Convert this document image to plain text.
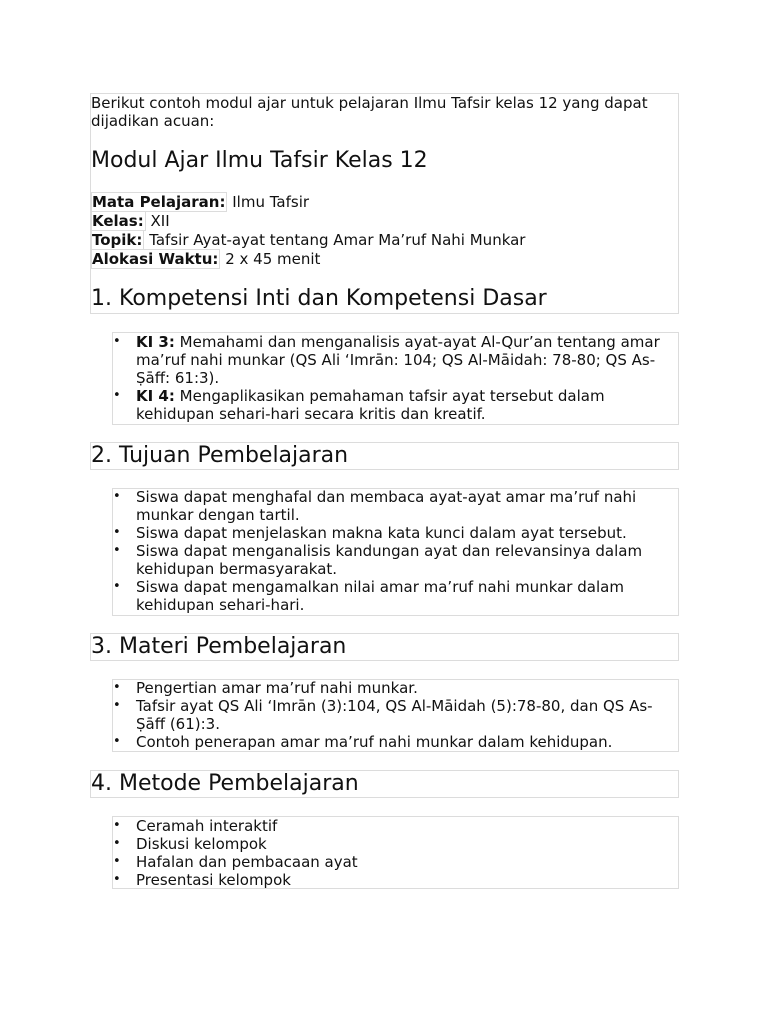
Berikut contoh modul ajar untuk pelajaran Ilmu Tafsir kelas 12 yang dapat
dijadikan acuan:
Modul Ajar Ilmu Tafsir Kelas 12
Mata Pelajaran: Ilmu Tafsir
Kelas: XII
Topik: Tafsir Ayat-ayat tentang Amar Ma’ruf Nahi Munkar
Alokasi Waktu: 2 x 45 menit
1. Kompetensi Inti dan Kompetensi Dasar
• KI 3: Memahami dan menganalisis ayat-ayat Al-Qur’an tentang amar
ma’ruf nahi munkar (QS Ali ‘Imrān: 104; QS Al-Māidah: 78-80; QS As-
Ṣāff: 61:3).
• KI 4: Mengaplikasikan pemahaman tafsir ayat tersebut dalam
kehidupan sehari-hari secara kritis dan kreatif.
2. Tujuan Pembelajaran
• Siswa dapat menghafal dan membaca ayat-ayat amar ma’ruf nahi
munkar dengan tartil.
• Siswa dapat menjelaskan makna kata kunci dalam ayat tersebut.
• Siswa dapat menganalisis kandungan ayat dan relevansinya dalam
kehidupan bermasyarakat.
• Siswa dapat mengamalkan nilai amar ma’ruf nahi munkar dalam
kehidupan sehari-hari.
3. Materi Pembelajaran
• Pengertian amar ma’ruf nahi munkar.
• Tafsir ayat QS Ali ‘Imrān (3):104, QS Al-Māidah (5):78-80, dan QS As-
Ṣāff (61):3.
• Contoh penerapan amar ma’ruf nahi munkar dalam kehidupan.
4. Metode Pembelajaran
• Ceramah interaktif
• Diskusi kelompok
• Hafalan dan pembacaan ayat
• Presentasi kelompok
